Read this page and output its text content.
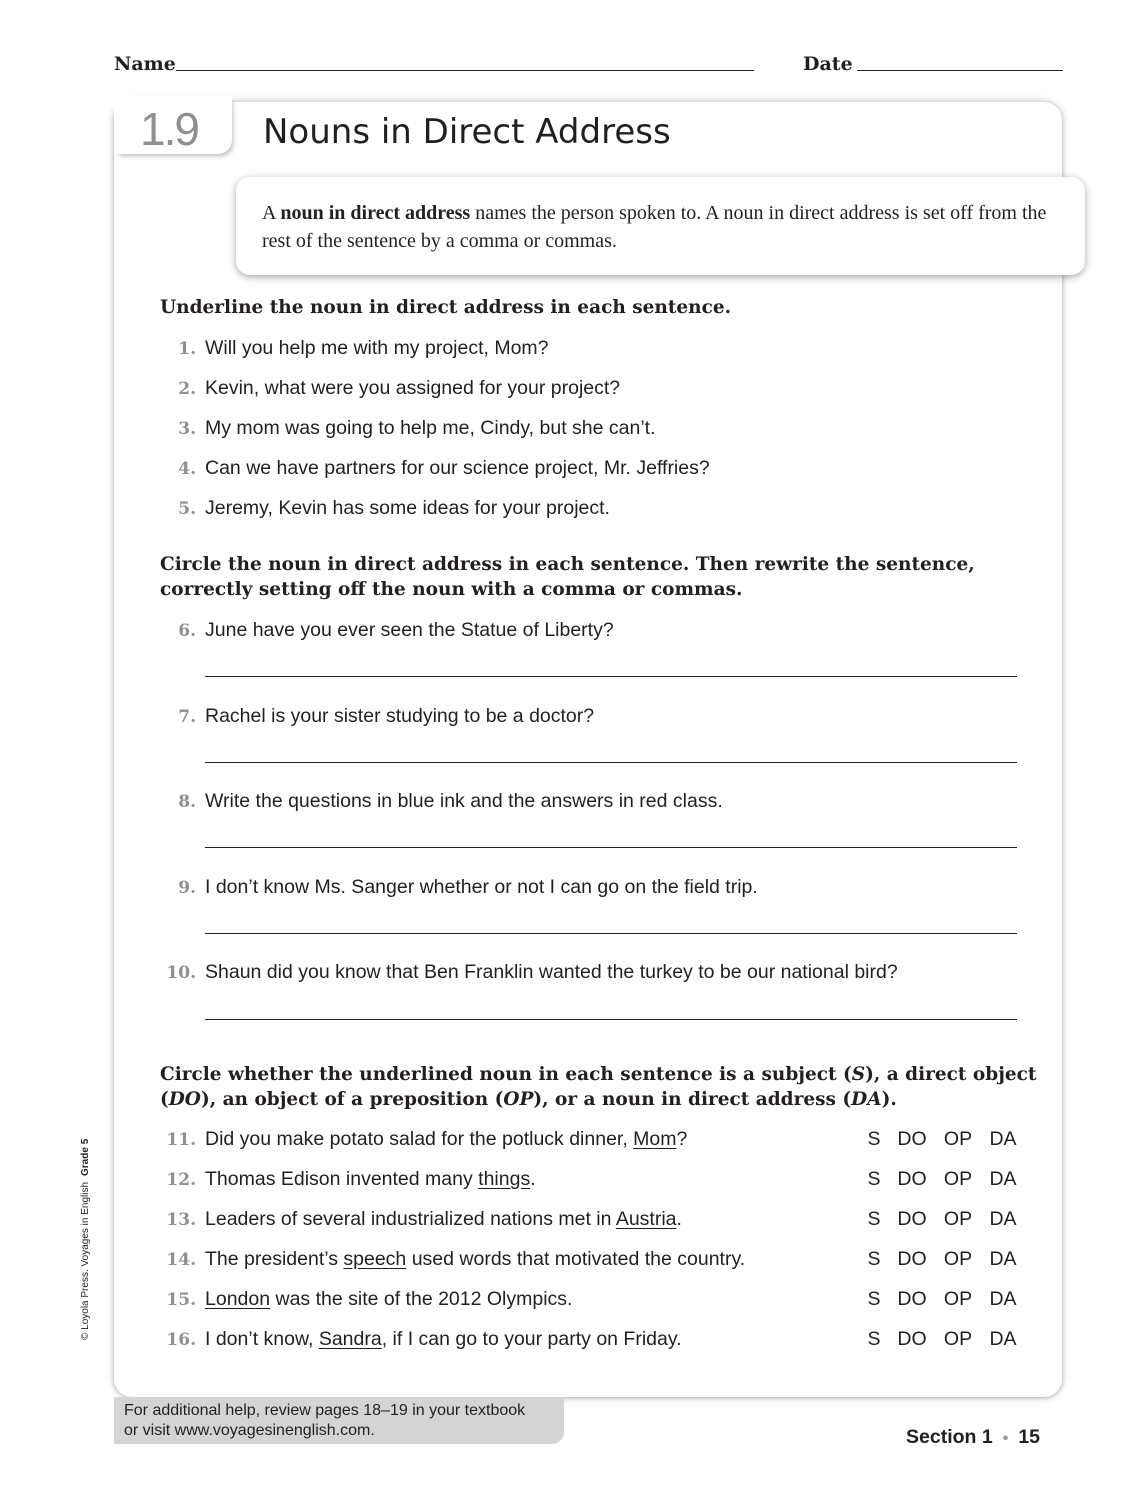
Name	Date
1.9 Nouns in Direct Address
A noun in direct address names the person spoken to. A noun in direct address is set off from the rest of the sentence by a comma or commas.
Underline the noun in direct address in each sentence.
1. Will you help me with my project, Mom?
2. Kevin, what were you assigned for your project?
3. My mom was going to help me, Cindy, but she can’t.
4. Can we have partners for our science project, Mr. Jeffries?
5. Jeremy, Kevin has some ideas for your project.
Circle the noun in direct address in each sentence. Then rewrite the sentence, correctly setting off the noun with a comma or commas.
6. June have you ever seen the Statue of Liberty?
7. Rachel is your sister studying to be a doctor?
8. Write the questions in blue ink and the answers in red class.
9. I don’t know Ms. Sanger whether or not I can go on the field trip.
10. Shaun did you know that Ben Franklin wanted the turkey to be our national bird?
Circle whether the underlined noun in each sentence is a subject (S), a direct object (DO), an object of a preposition (OP), or a noun in direct address (DA).
11. Did you make potato salad for the potluck dinner, Mom?	S DO OP DA
12. Thomas Edison invented many things.	S DO OP DA
13. Leaders of several industrialized nations met in Austria.	S DO OP DA
14. The president’s speech used words that motivated the country.	S DO OP DA
15. London was the site of the 2012 Olympics.	S DO OP DA
16. I don’t know, Sandra, if I can go to your party on Friday.	S DO OP DA
For additional help, review pages 18–19 in your textbook
or visit www.voyagesinenglish.com.	Section 1 • 15
© Loyola Press. Voyages in EnglishGrade 5
